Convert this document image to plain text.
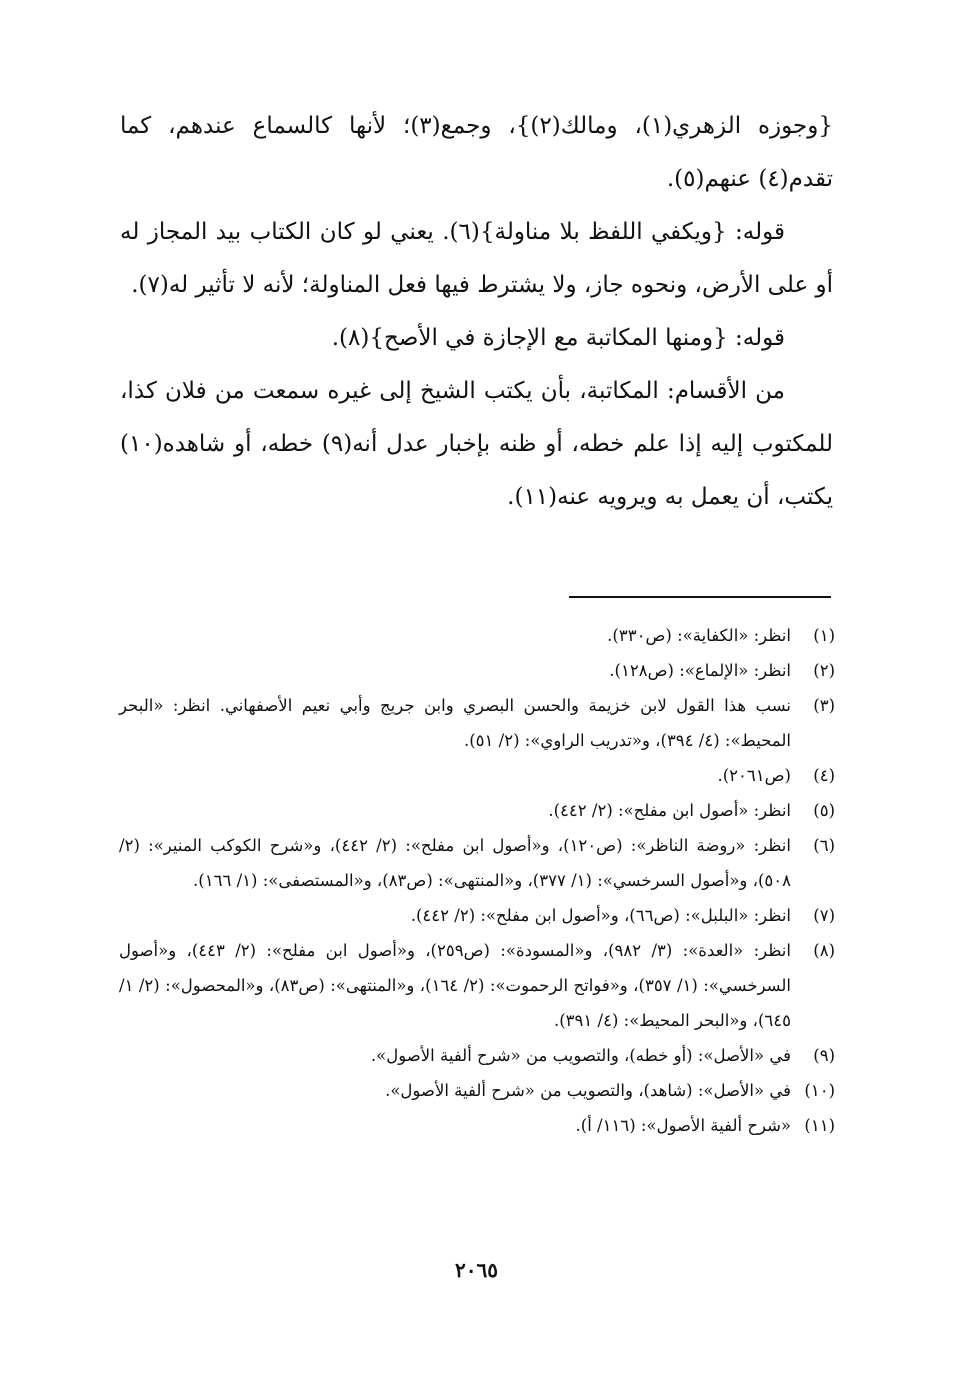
{وجوزه الزهري(١)، ومالك(٢)}، وجمع(٣)؛ لأنها كالسماع عندهم، كما تقدم(٤) عنهم(٥).

قوله: {ويكفي اللفظ بلا مناولة}(٦). يعني لو كان الكتاب بيد المجاز له أو على الأرض، ونحوه جاز، ولا يشترط فيها فعل المناولة؛ لأنه لا تأثير له(٧).

قوله: {ومنها المكاتبة مع الإجازة في الأصح}(٨).

من الأقسام: المكاتبة، بأن يكتب الشيخ إلى غيره سمعت من فلان كذا، للمكتوب إليه إذا علم خطه، أو ظنه بإخبار عدل أنه(٩) خطه، أو شاهده(١٠) يكتب، أن يعمل به ويرويه عنه(١١).

(١)
انظر: «الكفاية»: (ص٣٣٠).
(٢)
انظر: «الإلماع»: (ص١٢٨).
(٣)
نسب هذا القول لابن خزيمة والحسن البصري وابن جريج وأبي نعيم الأصفهاني. انظر: «البحر المحيط»: (٤/ ٣٩٤)، و«تدريب الراوي»: (٢/ ٥١).
(٤)
(ص٢٠٦١).
(٥)
انظر: «أصول ابن مفلح»: (٢/ ٤٤٢).
(٦)
انظر: «روضة الناظر»: (ص١٢٠)، و«أصول ابن مفلح»: (٢/ ٤٤٢)، و«شرح الكوكب المنير»: (٢/ ٥٠٨)، و«أصول السرخسي»: (١/ ٣٧٧)، و«المنتهى»: (ص٨٣)، و«المستصفى»: (١/ ١٦٦).
(٧)
انظر: «البلبل»: (ص٦٦)، و«أصول ابن مفلح»: (٢/ ٤٤٢).
(٨)
انظر: «العدة»: (٣/ ٩٨٢)، و«المسودة»: (ص٢٥٩)، و«أصول ابن مفلح»: (٢/ ٤٤٣)، و«أصول السرخسي»: (١/ ٣٥٧)، و«فواتح الرحموت»: (٢/ ١٦٤)، و«المنتهى»: (ص٨٣)، و«المحصول»: (٢/ ١/ ٦٤٥)، و«البحر المحيط»: (٤/ ٣٩١).
(٩)
في «الأصل»: (أو خطه)، والتصويب من «شرح ألفية الأصول».
(١٠)
في «الأصل»: (شاهد)، والتصويب من «شرح ألفية الأصول».
(١١)
«شرح ألفية الأصول»: (١١٦/ أ).
٢٠٦٥
